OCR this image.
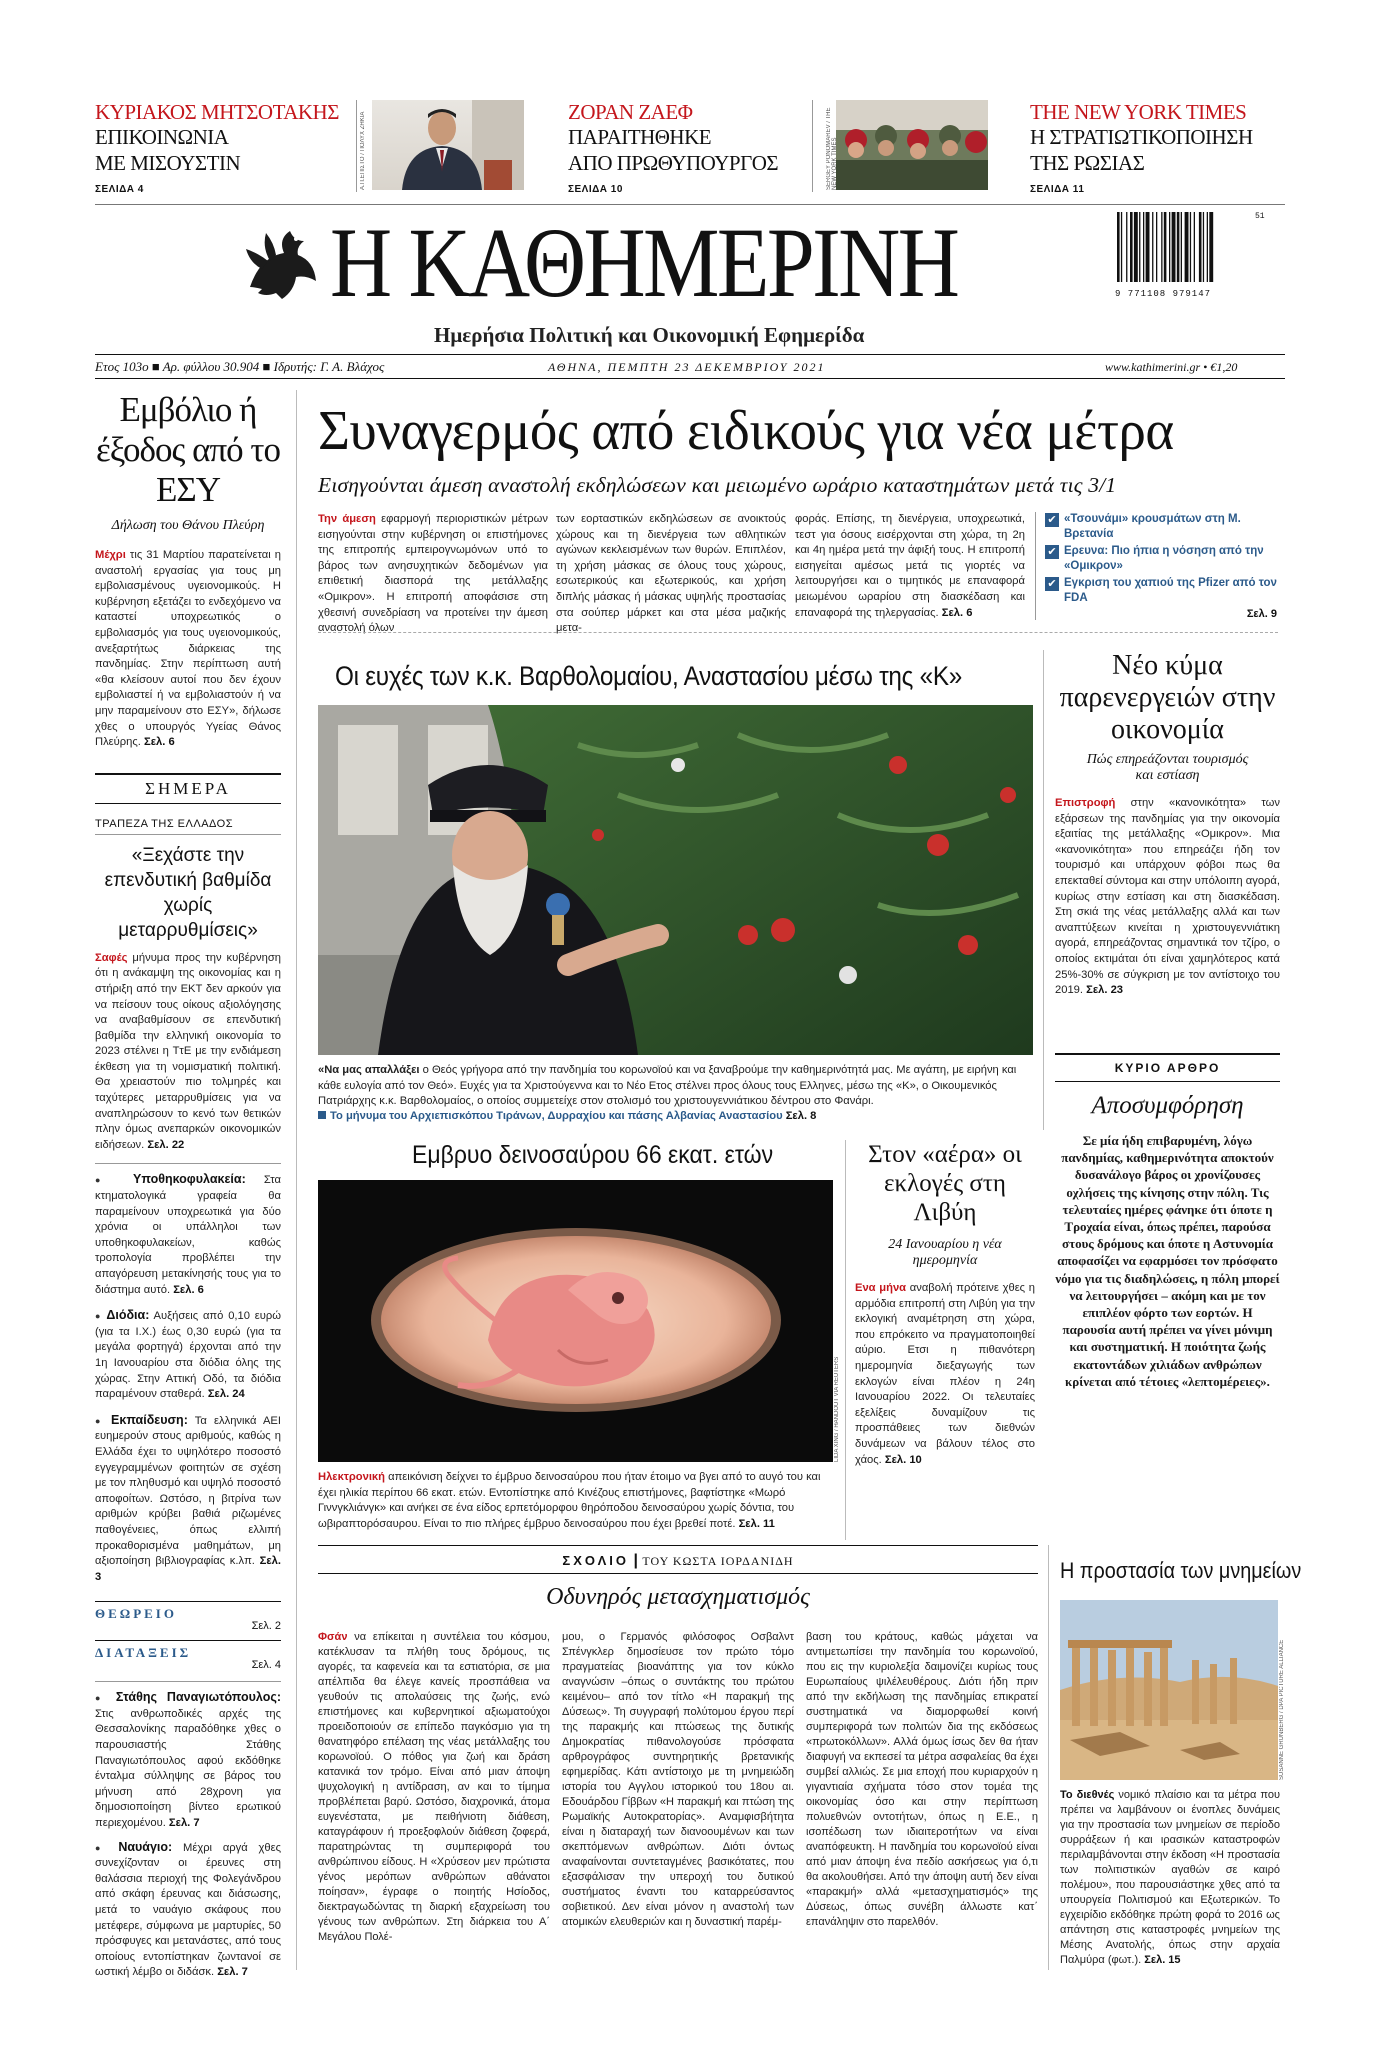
ΚΥΡΙΑΚΟΣ ΜΗΤΣΟΤΑΚΗΣ
ΕΠΙΚΟΙΝΩΝΙΑ
ΜΕ ΜΙΣΟΥΣΤΙΝ
ΣΕΛΙΔΑ 4	Α.Π.ΕΠΙΣΤΟ / ΠΟΛΥΧ ΖΗΚΙΑ	ΖΟΡΑΝ ΖΑΕΦ
ΠΑΡΑΙΤΗΘΗΚΕ
ΑΠΟ ΠΡΩΘΥΠΟΥΡΓΟΣ
ΣΕΛΙΔΑ 10	SERGEY PONOMAREV / THE NEW YORK TIMES
THE NEW YORK TIMES
Η ΣΤΡΑΤΙΩΤΙΚΟΠΟΙΗΣΗ
ΤΗΣ ΡΩΣΙΑΣ
ΣΕΛΙΔΑ 11
Η ΚΑΘΗΜΕΡΙΝΗ
Ημερήσια Πολιτική και Οικονομική Εφημερίδα
9 771108 979147
51
Ετος 103ο ■ Αρ. φύλλου 30.904 ■ Ιδρυτής: Γ. Α. Βλάχος	ΑΘΗΝΑ, ΠΕΜΠΤΗ 23 ΔΕΚΕΜΒΡΙΟΥ 2021	www.kathimerini.gr • €1,20
Εμβόλιο ή έξοδος από το ΕΣΥ
Δήλωση του Θάνου Πλεύρη

Μέχρι τις 31 Μαρτίου παρατείνεται η αναστολή εργασίας για τους μη εμβολιασμένους υγειονομικούς. Η κυβέρνηση εξετάζει το ενδεχόμενο να καταστεί υποχρεωτικός ο εμβολιασμός για τους υγειονομικούς, ανεξαρτήτως διάρκειας της πανδημίας. Στην περίπτωση αυτή «θα κλείσουν αυτοί που δεν έχουν εμβολιαστεί ή να εμβολιαστούν ή να μην παραμείνουν στο ΕΣΥ», δήλωσε χθες ο υπουργός Υγείας Θάνος Πλεύρης. Σελ. 6

ΣΗΜΕΡΑ
ΤΡΑΠΕΖΑ ΤΗΣ ΕΛΛΑΔΟΣ
«Ξεχάστε την επενδυτική βαθμίδα χωρίς μεταρρυθμίσεις»

Σαφές μήνυμα προς την κυβέρνηση ότι η ανάκαμψη της οικονομίας και η στήριξη από την ΕΚΤ δεν αρκούν για να πείσουν τους οίκους αξιολόγησης να αναβαθμίσουν σε επενδυτική βαθμίδα την ελληνική οικονομία το 2023 στέλνει η ΤτΕ με την ενδιάμεση έκθεση για τη νομισματική πολιτική. Θα χρειαστούν πιο τολμηρές και ταχύτερες μεταρρυθμίσεις για να αναπληρώσουν το κενό των θετικών πλην όμως ανεπαρκών οικονομικών ειδήσεων. Σελ. 22

● Υποθηκοφυλακεία: Στα κτηματολογικά γραφεία θα παραμείνουν υποχρεωτικά για δύο χρόνια οι υπάλληλοι των υποθηκοφυλακείων, καθώς τροπολογία προβλέπει την απαγόρευση μετακίνησής τους για το διάστημα αυτό. Σελ. 6

● Διόδια: Αυξήσεις από 0,10 ευρώ (για τα Ι.Χ.) έως 0,30 ευρώ (για τα μεγάλα φορτηγά) έρχονται από την 1η Ιανουαρίου στα διόδια όλης της χώρας. Στην Αττική Οδό, τα διόδια παραμένουν σταθερά. Σελ. 24

● Εκπαίδευση: Τα ελληνικά ΑΕΙ ευημερούν στους αριθμούς, καθώς η Ελλάδα έχει το υψηλότερο ποσοστό εγγεγραμμένων φοιτητών σε σχέση με τον πληθυσμό και υψηλό ποσοστό αποφοίτων. Ωστόσο, η βιτρίνα των αριθμών κρύβει βαθιά ριζωμένες παθογένειες, όπως ελλιπή προκαθορισμένα μαθημάτων, μη αξιοποίηση βιβλιογραφίας κ.λπ. Σελ. 3

ΘΕΩΡΕΙΟ
Σελ. 2
ΔΙΑΤΑΞΕΙΣ
Σελ. 4

● Στάθης Παναγιωτόπουλος: Στις ανθρωποδικές αρχές της Θεσσαλονίκης παραδόθηκε χθες ο παρουσιαστής Στάθης Παναγιωτόπουλος αφού εκδόθηκε ένταλμα σύλληψης σε βάρος του μήνυση από 28χρονη για δημοσιοποίηση βίντεο ερωτικού περιεχομένου. Σελ. 7

● Ναυάγιο: Μέχρι αργά χθες συνεχίζονταν οι έρευνες στη θαλάσσια περιοχή της Φολεγάνδρου από σκάφη έρευνας και διάσωσης, μετά το ναυάγιο σκάφους που μετέφερε, σύμφωνα με μαρτυρίες, 50 πρόσφυγες και μετανάστες, από τους οποίους εντοπίστηκαν ζωντανοί σε ωστική λέμβο οι διδάσκ. Σελ. 7

Συναγερμός από ειδικούς για νέα μέτρα
Εισηγούνται άμεση αναστολή εκδηλώσεων και μειωμένο ωράριο καταστημάτων μετά τις 3/1
Την άμεση εφαρμογή περιοριστικών μέτρων εισηγούνται στην κυβέρνηση οι επιστήμονες της επιτροπής εμπειρογνωμόνων υπό το βάρος των ανησυχητικών δεδομένων για επιθετική διασπορά της μετάλλαξης «Ομικρον». Η επιτροπή αποφάσισε στη χθεσινή συνεδρίαση να προτείνει την άμεση αναστολή όλων
των εορταστικών εκδηλώσεων σε ανοικτούς χώρους και τη διενέργεια των αθλητικών αγώνων κεκλεισμένων των θυρών. Επιπλέον, τη χρήση μάσκας σε όλους τους χώρους, εσωτερικούς και εξωτερικούς, και χρήση διπλής μάσκας ή μάσκας υψηλής προστασίας στα σούπερ μάρκετ και στα μέσα μαζικής μετα-
φοράς. Επίσης, τη διενέργεια, υποχρεωτικά, τεστ για όσους εισέρχονται στη χώρα, τη 2η και 4η ημέρα μετά την άφιξή τους. Η επιτροπή εισηγείται αμέσως μετά τις γιορτές να λειτουργήσει και ο τιμητικός με επαναφορά μειωμένου ωραρίου στη διασκέδαση και επαναφορά της τηλεργασίας. Σελ. 6
✔ «Τσουνάμι» κρουσμάτων στη Μ. Βρετανία
✔ Ερευνα: Πιο ήπια η νόσηση από την «Ομικρον»
✔ Εγκριση του χαπιού της Pfizer από τον FDA
Σελ. 9
Οι ευχές των κ.κ. Βαρθολομαίου, Αναστασίου μέσω της «Κ»
«Να μας απαλλάξει ο Θεός γρήγορα από την πανδημία του κορωνοϊού και να ξαναβρούμε την καθημερινότητά μας. Με αγάπη, με ειρήνη και κάθε ευλογία από τον Θεό». Ευχές για τα Χριστούγεννα και το Νέο Ετος στέλνει προς όλους τους Ελληνες, μέσω της «Κ», ο Οικουμενικός Πατριάρχης κ.κ. Βαρθολομαίος, ο οποίος συμμετείχε στον στολισμό του χριστουγεννιάτικου δέντρου στο Φανάρι.
Το μήνυμα του Αρχιεπισκόπου Τιράνων, Δυρραχίου και πάσης Αλβανίας Αναστασίου Σελ. 8
Νέο κύμα παρενεργειών στην οικονομία
Πώς επηρεάζονται τουρισμός και εστίαση

Επιστροφή στην «κανονικότητα» των εξάρσεων της πανδημίας για την οικονομία εξαιτίας της μετάλλαξης «Ομικρον». Μια «κανονικότητα» που επηρεάζει ήδη τον τουρισμό και υπάρχουν φόβοι πως θα επεκταθεί σύντομα και στην υπόλοιπη αγορά, κυρίως στην εστίαση και στη διασκέδαση. Στη σκιά της νέας μετάλλαξης αλλά και των αναπτύξεων κινείται η χριστουγεννιάτικη αγορά, επηρεάζοντας σημαντικά τον τζίρο, ο οποίος εκτιμάται ότι είναι χαμηλότερος κατά 25%-30% σε σύγκριση με τον αντίστοιχο του 2019. Σελ. 23

ΚΥΡΙΟ ΑΡΘΡΟ
Αποσυμφόρηση

Σε μία ήδη επιβαρυμένη, λόγω πανδημίας, καθημερινότητα αποκτούν δυσανάλογο βάρος οι χρονίζουσες οχλήσεις της κίνησης στην πόλη. Τις τελευταίες ημέρες φάνηκε ότι όποτε η Τροχαία είναι, όπως πρέπει, παρούσα στους δρόμους και όποτε η Αστυνομία αποφασίζει να εφαρμόσει τον πρόσφατο νόμο για τις διαδηλώσεις, η πόλη μπορεί να λειτουργήσει – ακόμη και με τον επιπλέον φόρτο των εορτών. Η παρουσία αυτή πρέπει να γίνει μόνιμη και συστηματική. Η ποιότητα ζωής εκατοντάδων χιλιάδων ανθρώπων κρίνεται από τέτοιες «λεπτομέρειες».

Εμβρυο δεινοσαύρου 66 εκατ. ετών
LIDA XING / HANDOUT VIA REUTERS
Ηλεκτρονική απεικόνιση δείχνει το έμβρυο δεινοσαύρου που ήταν έτοιμο να βγει από το αυγό του και έχει ηλικία περίπου 66 εκατ. ετών. Εντοπίστηκε από Κινέζους επιστήμονες, βαφτίστηκε «Μωρό Γιννγκλιάνγκ» και ανήκει σε ένα είδος ερπετόμορφου θηρόποδου δεινοσαύρου χωρίς δόντια, του ωβιραπτορόσαυρου. Είναι το πιο πλήρες έμβρυο δεινοσαύρου που έχει βρεθεί ποτέ. Σελ. 11
Στον «αέρα» οι εκλογές στη Λιβύη
24 Ιανουαρίου η νέα ημερομηνία

Ενα μήνα αναβολή πρότεινε χθες η αρμόδια επιτροπή στη Λιβύη για την εκλογική αναμέτρηση στη χώρα, που επρόκειτο να πραγματοποιηθεί αύριο. Ετσι η πιθανότερη ημερομηνία διεξαγωγής των εκλογών είναι πλέον η 24η Ιανουαρίου 2022. Οι τελευταίες εξελίξεις δυναμίζουν τις προσπάθειες των διεθνών δυνάμεων να βάλουν τέλος στο χάος. Σελ. 10

ΣΧΟΛΙΟ | ΤΟΥ ΚΩΣΤΑ ΙΟΡΔΑΝΙΔΗ
Οδυνηρός μετασχηματισμός
Φσάν να επίκειται η συντέλεια του κόσμου, κατέκλυσαν τα πλήθη τους δρόμους, τις αγορές, τα καφενεία και τα εστιατόρια, σε μια απέλπιδα θα έλεγε κανείς προσπάθεια να γευθούν τις απολαύσεις της ζωής, ενώ επιστήμονες και κυβερνητικοί αξιωματούχοι προειδοποιούν σε επίπεδο παγκόσμιο για τη θανατηφόρο επέλαση της νέας μετάλλαξης του κορωνοϊού. Ο πόθος για ζωή και δράση κατανικά τον τρόμο. Είναι από μιαν άποψη ψυχολογική η αντίδραση, αν και το τίμημα προβλέπεται βαρύ. Ωστόσο, διαχρονικά, άτομα ευγενέστατα, με πειθήνιοτη διάθεση, καταγράφουν ή προεξοφλούν διάθεση ζοφερά, παρατηρώντας τη συμπεριφορά του ανθρώπινου είδους. Η «Χρύσεον μεν πρώτιστα γένος μερόπων ανθρώπων αθάνατοι ποίησαν», έγραφε ο ποιητής Ησίοδος, διεκτραγωδώντας τη διαρκή εξαχρείωση του γένους των ανθρώπων. Στη διάρκεια του Α΄ Μεγάλου Πολέ-
μου, ο Γερμανός φιλόσοφος Οσβαλντ Σπένγκλερ δημοσίευσε τον πρώτο τόμο πραγματείας βιοανάπτης για τον κύκλο αναγνώσιν –όπως ο συντάκτης του πρώτου κειμένου– από τον τίτλο «Η παρακμή της Δύσεως». Τη συγγραφή πολύτομου έργου περί της παρακμής και πτώσεως της δυτικής Δημοκρατίας πιθανολογούσε πρόσφατα αρθρογράφος συντηρητικής βρετανικής εφημερίδας. Κάτι αντίστοιχο με τη μνημειώδη ιστορία του Αγγλου ιστορικού του 18ου αι. Εδουάρδου Γίββων «Η παρακμή και πτώση της Ρωμαϊκής Αυτοκρατορίας». Αναμφισβήτητα είναι η διαταραχή των διανοουμένων και των σκεπτόμενων ανθρώπων. Διότι όντως αναφαίνονται συντεταγμένες βασικότατες, που εξασφάλισαν την υπεροχή του δυτικού συστήματος έναντι του καταρρεύσαντος σοβιετικού. Δεν είναι μόνον η αναστολή των ατομικών ελευθεριών και η δυναστική παρέμ-
βαση του κράτους, καθώς μάχεται να αντιμετωπίσει την πανδημία του κορωνοϊού, που εις την κυριολεξία δαιμονίζει κυρίως τους Ευρωπαίους ψιλέλευθέρους. Διότι ήδη πριν από την εκδήλωση της πανδημίας επικρατεί συστηματικά να διαμορφωθεί κοινή συμπεριφορά των πολιτών δια της εκδόσεως «πρωτοκόλλων». Αλλά όμως ίσως δεν θα ήταν διαφυγή να εκπεσεί τα μέτρα ασφαλείας θα έχει συμβεί αλλιώς. Σε μια εποχή που κυριαρχούν η γιγαντιαία σχήματα τόσο στον τομέα της οικονομίας όσο και στην περίπτωση πολυεθνών οντοτήτων, όπως η Ε.Ε., η ισοπέδωση των ιδιαιτεροτήτων να είναι αναπόφευκτη. Η πανδημία του κορωνοϊού είναι από μιαν άποψη ένα πεδίο ασκήσεως για ό,τι θα ακολουθήσει. Από την άποψη αυτή δεν είναι «παρακμή» αλλά «μετασχηματισμός» της Δύσεως, όπως συνέβη άλλωστε κατ΄ επανάληψιν στο παρελθόν.
Η προστασία των μνημείων
SUSANNE GRUNBERG / DPA PICTURE ALLIANCE
Το διεθνές νομικό πλαίσιο και τα μέτρα που πρέπει να λαμβάνουν οι ένοπλες δυνάμεις για την προστασία των μνημείων σε περίοδο συρράξεων ή και ιρασικών καταστροφών περιλαμβάνονται στην έκδοση «Η προστασία των πολιτιστικών αγαθών σε καιρό πολέμου», που παρουσιάστηκε χθες από τα υπουργεία Πολιτισμού και Εξωτερικών. Το εγχειρίδιο εκδόθηκε πρώτη φορά το 2016 ως απάντηση στις καταστροφές μνημείων της Μέσης Ανατολής, όπως στην αρχαία Παλμύρα (φωτ.). Σελ. 15
